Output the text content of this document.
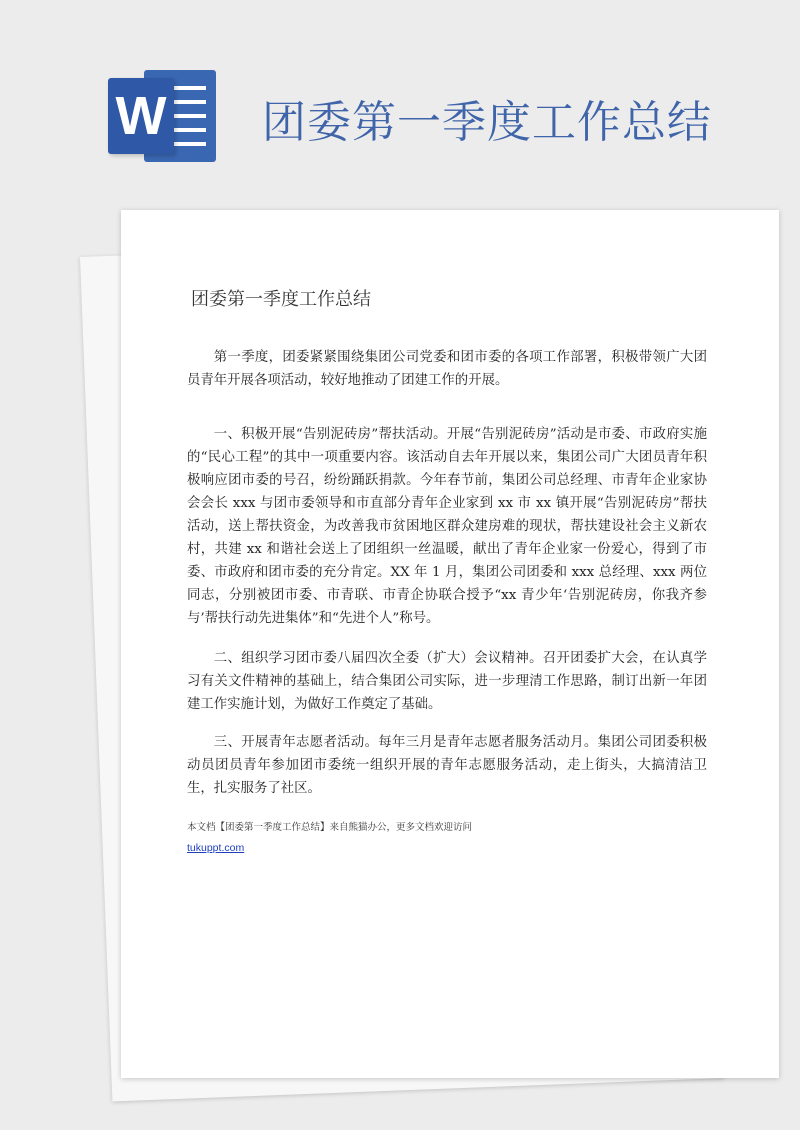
W 团委第一季度工作总结
团委第一季度工作总结

第一季度，团委紧紧围绕集团公司党委和团市委的各项工作部署，积极带领广大团员青年开展各项活动，较好地推动了团建工作的开展。

一、积极开展“告别泥砖房”帮扶活动。开展“告别泥砖房”活动是市委、市政府实施的“民心工程”的其中一项重要内容。该活动自去年开展以来，集团公司广大团员青年积极响应团市委的号召，纷纷踊跃捐款。今年春节前，集团公司总经理、市青年企业家协会会长 xxx 与团市委领导和市直部分青年企业家到 xx 市 xx 镇开展“告别泥砖房”帮扶活动，送上帮扶资金，为改善我市贫困地区群众建房难的现状，帮扶建设社会主义新农村，共建 xx 和谐社会送上了团组织一丝温暖，献出了青年企业家一份爱心，得到了市委、市政府和团市委的充分肯定。XX 年 1 月，集团公司团委和 xxx 总经理、xxx 两位同志，分别被团市委、市青联、市青企协联合授予“xx 青少年‘告别泥砖房，你我齐参与’帮扶行动先进集体”和“先进个人”称号。

二、组织学习团市委八届四次全委（扩大）会议精神。召开团委扩大会，在认真学习有关文件精神的基础上，结合集团公司实际，进一步理清工作思路，制订出新一年团建工作实施计划，为做好工作奠定了基础。

三、开展青年志愿者活动。每年三月是青年志愿者服务活动月。集团公司团委积极动员团员青年参加团市委统一组织开展的青年志愿服务活动，走上街头，大搞清洁卫生，扎实服务了社区。

本文档【团委第一季度工作总结】来自熊猫办公，更多文档欢迎访问
tukuppt.com
